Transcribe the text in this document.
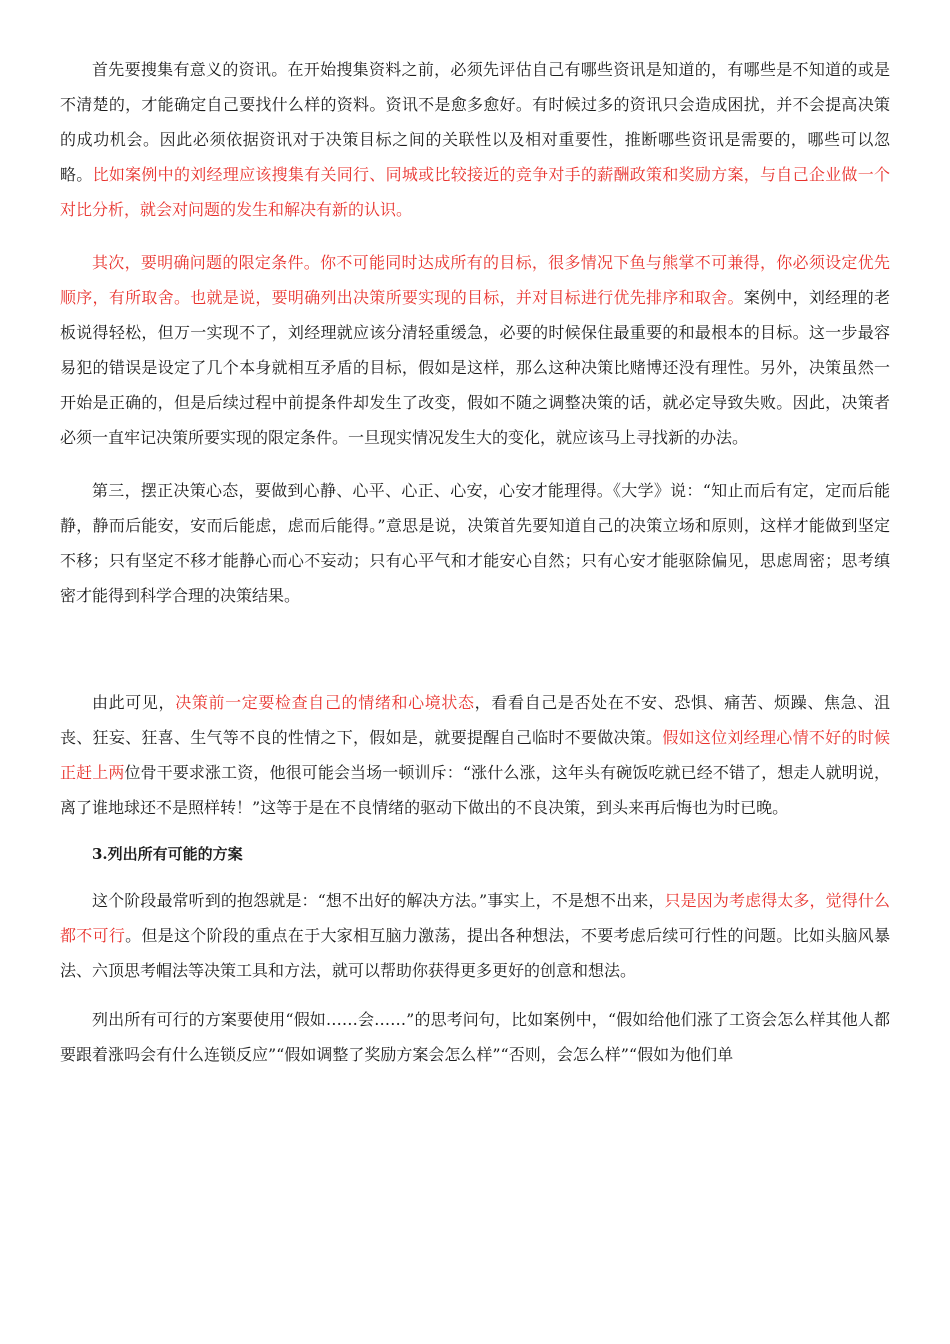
首先要搜集有意义的资讯。在开始搜集资料之前，必须先评估自己有哪些资讯是知道的，有哪些是不知道的或是不清楚的，才能确定自己要找什么样的资料。资讯不是愈多愈好。有时候过多的资讯只会造成困扰，并不会提高决策的成功机会。因此必须依据资讯对于决策目标之间的关联性以及相对重要性，推断哪些资讯是需要的，哪些可以忽略。比如案例中的刘经理应该搜集有关同行、同城或比较接近的竞争对手的薪酬政策和奖励方案，与自己企业做一个对比分析，就会对问题的发生和解决有新的认识。

其次，要明确问题的限定条件。你不可能同时达成所有的目标，很多情况下鱼与熊掌不可兼得，你必须设定优先顺序，有所取舍。也就是说，要明确列出决策所要实现的目标，并对目标进行优先排序和取舍。案例中，刘经理的老板说得轻松，但万一实现不了，刘经理就应该分清轻重缓急，必要的时候保住最重要的和最根本的目标。这一步最容易犯的错误是设定了几个本身就相互矛盾的目标，假如是这样，那么这种决策比赌博还没有理性。另外，决策虽然一开始是正确的，但是后续过程中前提条件却发生了改变，假如不随之调整决策的话，就必定导致失败。因此，决策者必须一直牢记决策所要实现的限定条件。一旦现实情况发生大的变化，就应该马上寻找新的办法。

第三，摆正决策心态，要做到心静、心平、心正、心安，心安才能理得。《大学》说：“知止而后有定，定而后能静，静而后能安，安而后能虑，虑而后能得。”意思是说，决策首先要知道自己的决策立场和原则，这样才能做到坚定不移；只有坚定不移才能静心而心不妄动；只有心平气和才能安心自然；只有心安才能驱除偏见，思虑周密；思考缜密才能得到科学合理的决策结果。

由此可见，决策前一定要检查自己的情绪和心境状态，看看自己是否处在不安、恐惧、痛苦、烦躁、焦急、沮丧、狂妄、狂喜、生气等不良的性情之下，假如是，就要提醒自己临时不要做决策。假如这位刘经理心情不好的时候正赶上两位骨干要求涨工资，他很可能会当场一顿训斥：“涨什么涨，这年头有碗饭吃就已经不错了，想走人就明说，离了谁地球还不是照样转！”这等于是在不良情绪的驱动下做出的不良决策，到头来再后悔也为时已晚。

3.列出所有可能的方案

这个阶段最常听到的抱怨就是：“想不出好的解决方法。”事实上，不是想不出来，只是因为考虑得太多，觉得什么都不可行。但是这个阶段的重点在于大家相互脑力激荡，提出各种想法，不要考虑后续可行性的问题。比如头脑风暴法、六顶思考帽法等决策工具和方法，就可以帮助你获得更多更好的创意和想法。

列出所有可行的方案要使用“假如……会……”的思考问句，比如案例中，“假如给他们涨了工资会怎么样其他人都要跟着涨吗会有什么连锁反应”“假如调整了奖励方案会怎么样”“否则，会怎么样”“假如为他们单
